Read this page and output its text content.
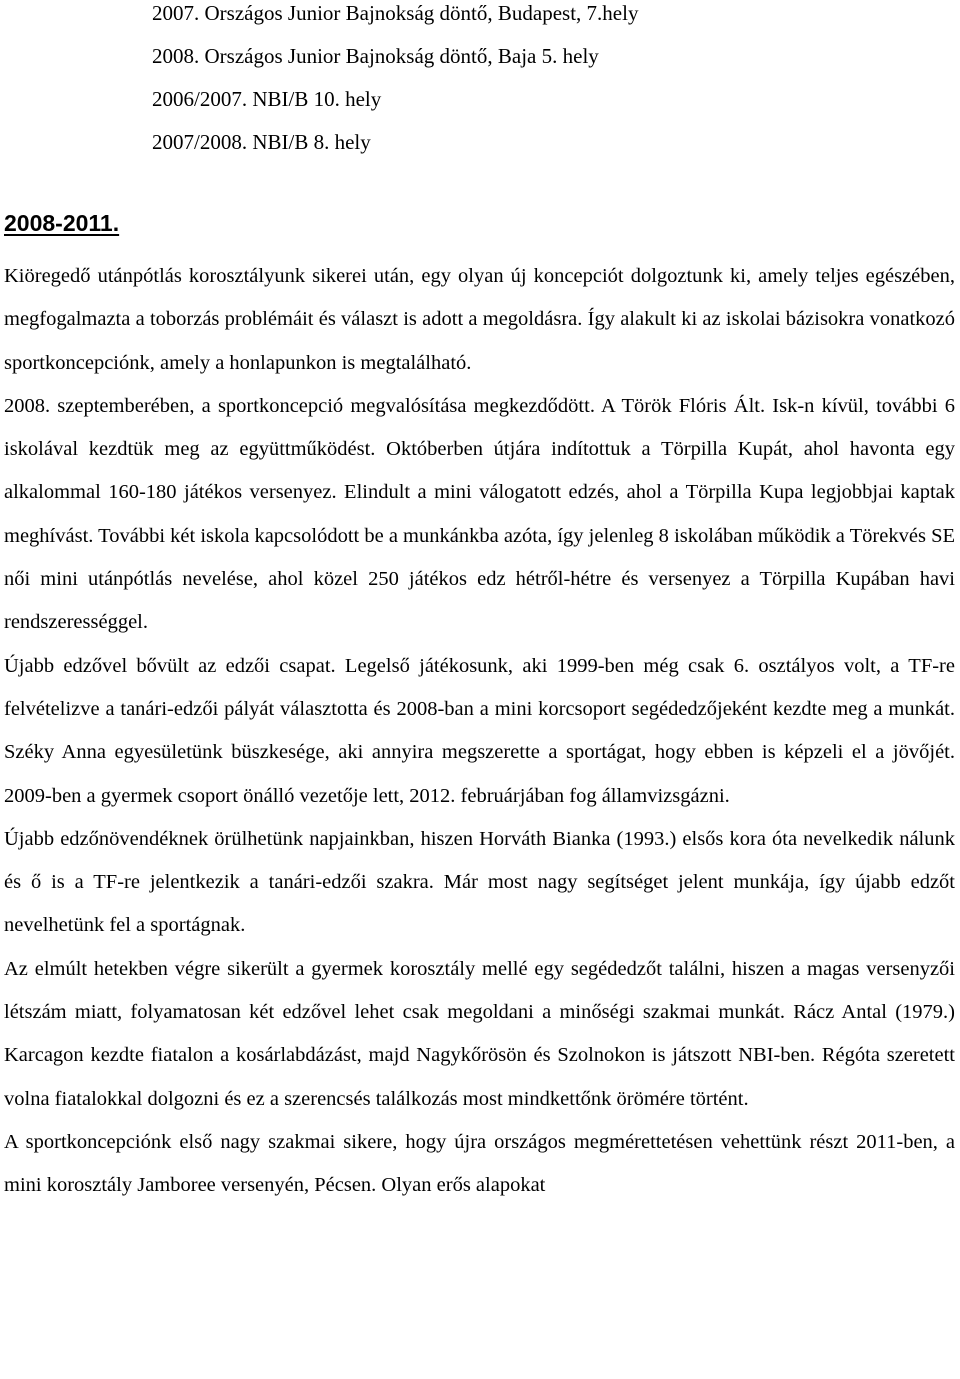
2007. Országos Junior Bajnokság döntő, Budapest, 7.hely
2008. Országos Junior Bajnokság döntő, Baja 5. hely
2006/2007. NBI/B 10. hely
2007/2008. NBI/B 8. hely
2008-2011.

Kiöregedő utánpótlás korosztályunk sikerei után, egy olyan új koncepciót dolgoztunk ki, amely teljes egészében, megfogalmazta a toborzás problémáit és választ is adott a megoldásra. Így alakult ki az iskolai bázisokra vonatkozó sportkoncepciónk, amely a honlapunkon is megtalálható.

2008. szeptemberében, a sportkoncepció megvalósítása megkezdődött. A Török Flóris Ált. Isk-n kívül, további 6 iskolával kezdtük meg az együttműködést. Októberben útjára indítottuk a Törpilla Kupát, ahol havonta egy alkalommal 160-180 játékos versenyez. Elindult a mini válogatott edzés, ahol a Törpilla Kupa legjobbjai kaptak meghívást. További két iskola kapcsolódott be a munkánkba azóta, így jelenleg 8 iskolában működik a Törekvés SE női mini utánpótlás nevelése, ahol közel 250 játékos edz hétről-hétre és versenyez a Törpilla Kupában havi rendszerességgel.

Újabb edzővel bővült az edzői csapat. Legelső játékosunk, aki 1999-ben még csak 6. osztályos volt, a TF-re felvételizve a tanári-edzői pályát választotta és 2008-ban a mini korcsoport segédedzőjeként kezdte meg a munkát. Széky Anna egyesületünk büszkesége, aki annyira megszerette a sportágat, hogy ebben is képzeli el a jövőjét. 2009-ben a gyermek csoport önálló vezetője lett, 2012. februárjában fog államvizsgázni.

Újabb edzőnövendéknek örülhetünk napjainkban, hiszen Horváth Bianka (1993.) elsős kora óta nevelkedik nálunk és ő is a TF-re jelentkezik a tanári-edzői szakra. Már most nagy segítséget jelent munkája, így újabb edzőt nevelhetünk fel a sportágnak.

Az elmúlt hetekben végre sikerült a gyermek korosztály mellé egy segédedzőt találni, hiszen a magas versenyzői létszám miatt, folyamatosan két edzővel lehet csak megoldani a minőségi szakmai munkát. Rácz Antal (1979.) Karcagon kezdte fiatalon a kosárlabdázást, majd Nagykőrösön és Szolnokon is játszott NBI-ben. Régóta szeretett volna fiatalokkal dolgozni és ez a szerencsés találkozás most mindkettőnk örömére történt.

A sportkoncepciónk első nagy szakmai sikere, hogy újra országos megmérettetésen vehettünk részt 2011-ben, a mini korosztály Jamboree versenyén, Pécsen. Olyan erős alapokat
